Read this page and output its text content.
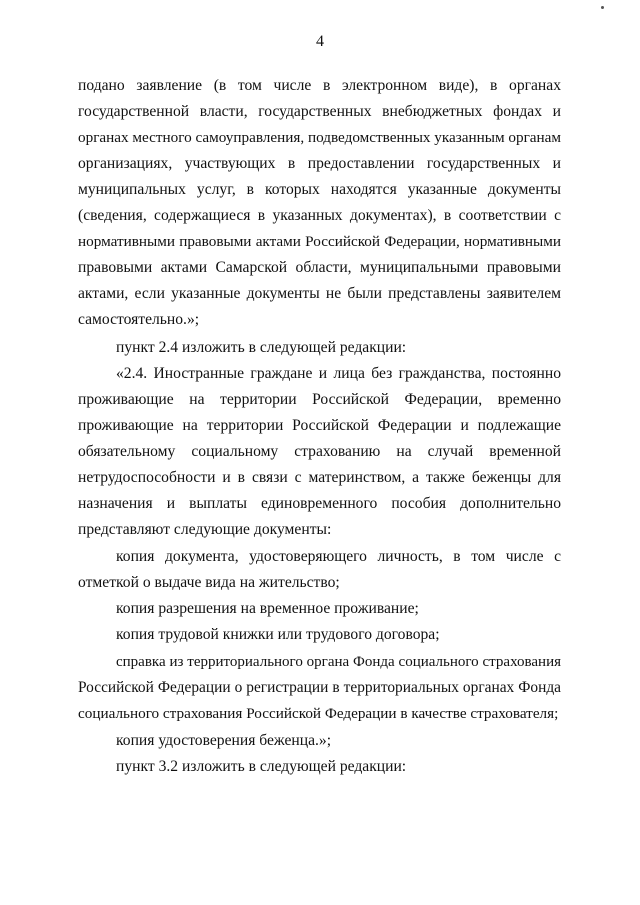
4
подано заявление (в том числе в электронном виде), в органах
государственной власти, государственных внебюджетных фондах и
органах местного самоуправления, подведомственных указанным органам
организациях, участвующих в предоставлении государственных и
муниципальных услуг, в которых находятся указанные документы
(сведения, содержащиеся в указанных документах), в соответствии с
нормативными правовыми актами Российской Федерации, нормативными
правовыми актами Самарской области, муниципальными правовыми
актами, если указанные документы не были представлены заявителем
самостоятельно.»;
пункт 2.4 изложить в следующей редакции:
«2.4. Иностранные граждане и лица без гражданства, постоянно
проживающие на территории Российской Федерации, временно
проживающие на территории Российской Федерации и подлежащие
обязательному социальному страхованию на случай временной
нетрудоспособности и в связи с материнством, а также беженцы для
назначения и выплаты единовременного пособия дополнительно
представляют следующие документы:
копия документа, удостоверяющего личность, в том числе с
отметкой о выдаче вида на жительство;
копия разрешения на временное проживание;
копия трудовой книжки или трудового договора;
справка из территориального органа Фонда социального страхования
Российской Федерации о регистрации в территориальных органах Фонда
социального страхования Российской Федерации в качестве страхователя;
копия удостоверения беженца.»;
пункт 3.2 изложить в следующей редакции:
